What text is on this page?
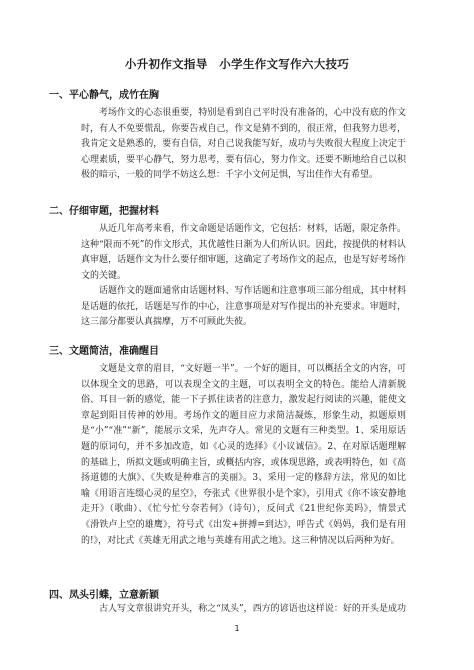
小升初作文指导　小学生作文写作六大技巧
一、平心静气，成竹在胸

考场作文的心态很重要，特别是看到自己平时没有准备的，心中没有底的作文时，有人不免要慌乱，你要告戒自己，作文是猜不到的，很正常，但我努力思考，我肯定文是熟悉的，要有自信，对自己说我能写好，成功与失败很大程度上决定于心理素质，要平心静气，努力思考，要有信心，努力作文。还要不断地给自己以积极的暗示，一般的同学不妨这么想：千字小文何足惧，写出佳作大有希望。

二、仔细审题，把握材料

从近几年高考来看，作文命题是话题作文，它包括：材料，话题，限定条件。这种“限而不死”的作文形式，其优越性日渐为人们所认识。因此，按提供的材料认真审题，话题作文为什么要仔细审题，这确定了考场作文的起点，也是写好考场作文的关键。

话题作文的题面通常由话题材料、写作话题和注意事项三部分组成，其中材料是话题的依托，话题是写作的中心，注意事项是对写作提出的补充要求。审题时，这三部分都要认真揣摩，万不可顾此失彼。

三、文题简洁，准确醒目

文题是文章的眉目，“文好题一半”。一个好的题目，可以概括全文的内容，可以体现全文的思路，可以表现全文的主题，可以表明全文的特色。能给人清新脱俗、耳目一新的感觉，能一下子抓住读者的注意力，激发起行阅读的兴趣，能使文章起到阳目传神的妙用。考场作文的题目应力求简洁凝炼，形象生动，拟题原则是“小”“准”“新”，能展示文采，先声夺人。常见的文题有三种类型。1、采用原话题的原词句，并不多加改造，如《心灵的选择》《小议诚信》。2、在对原话题理解的基础上，所拟文题或明确主旨，或概括内容，或体现思路，或表明特色，如《高扬道德的大旗》、《失败是种难言的美丽》。3、采用一定的修辞方法，常见的如比喻《用语言连缀心灵的星空》，夸张式《世界很小是个家》，引用式《你不该安静地走开》（歌曲）、《忙兮忙兮奈若何》（诗句），反问式《21世纪你美吗》，情景式《滑铁卢上空的雄鹰》，符号式《出发+拼搏=到达》，呼告式《妈妈，我们是有用的!》，对比式《英雄无用武之地与英雄有用武之地》。这三种情况以后两种为好。

四、凤头引蝶，立意新颖

古人写文章很讲究开头，称之“凤头”，西方的谚语也这样说：好的开头是成功

1
